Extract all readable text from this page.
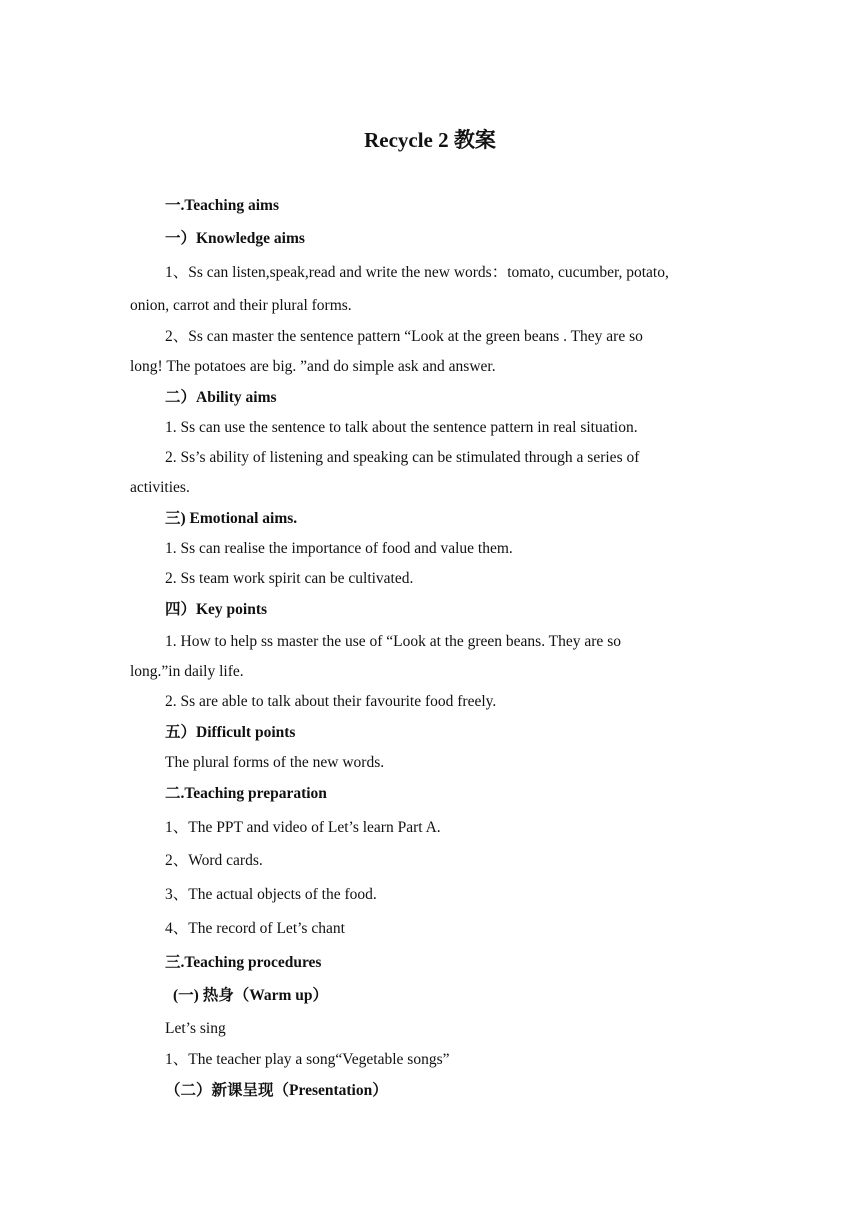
Recycle 2 教案
一.Teaching aims
一）Knowledge aims
1、Ss can listen,speak,read and write the new words：tomato, cucumber, potato,
onion, carrot and their plural forms.
2、Ss can master the sentence pattern “Look at the green beans . They are so
long! The potatoes are big. ”and do simple ask and answer.
二）Ability aims
1. Ss can use the sentence to talk about the sentence pattern in real situation.
2. Ss’s ability of listening and speaking can be stimulated through a series of
activities.
三) Emotional aims.
1. Ss can realise the importance of food and value them.
2. Ss team work spirit can be cultivated.
四）Key points
1. How to help ss master the use of “Look at the green beans. They are so
long.”in daily life.
2. Ss are able to talk about their favourite food freely.
五）Difficult points
The plural forms of the new words.
二.Teaching preparation
1、The PPT and video of Let’s learn Part A.
2、Word cards.
3、The actual objects of the food.
4、The record of Let’s chant
三.Teaching procedures
(一) 热身（Warm up）
Let’s sing
1、The teacher play a song“Vegetable songs”
（二）新课呈现（Presentation）
